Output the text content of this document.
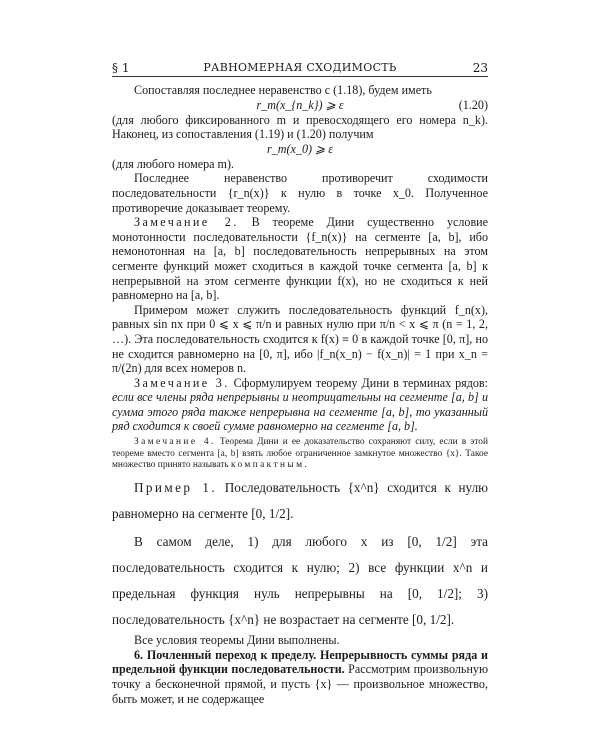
§ 1	РАВНОМЕРНАЯ СХОДИМОСТЬ	23

Сопоставляя последнее неравенство с (1.18), будем иметь

r_m(x_{n_k}) ⩾ ε	(1.20)

(для любого фиксированного m и превосходящего его номера n_k). Наконец, из сопоставления (1.19) и (1.20) получим

r_m(x_0) ⩾ ε

(для любого номера m).

Последнее неравенство противоречит сходимости последовательности {r_n(x)} к нулю в точке x_0. Полученное противоречие доказывает теорему.

Замечание 2. В теореме Дини существенно условие монотонности последовательности {f_n(x)} на сегменте [a, b], ибо немонотонная на [a, b] последовательность непрерывных на этом сегменте функций может сходиться в каждой точке сегмента [a, b] к непрерывной на этом сегменте функции f(x), но не сходиться к ней равномерно на [a, b].

Примером может служить последовательность функций f_n(x), равных sin nx при 0 ⩽ x ⩽ π/n и равных нулю при π/n < x ⩽ π (n = 1, 2, …). Эта последовательность сходится к f(x) ≡ 0 в каждой точке [0, π], но не сходится равномерно на [0, π], ибо |f_n(x_n) − f(x_n)| = 1 при x_n = π/(2n) для всех номеров n.

Замечание 3. Сформулируем теорему Дини в терминах рядов: если все члены ряда непрерывны и неотрицательны на сегменте [a, b] и сумма этого ряда также непрерывна на сегменте [a, b], то указанный ряд сходится к своей сумме равномерно на сегменте [a, b].

Замечание 4. Теорема Дини и ее доказательство сохраняют силу, если в этой теореме вместо сегмента [a, b] взять любое ограниченное замкнутое множество {x}. Такое множество принято называть компактным.

Пример 1. Последовательность {x^n} сходится к нулю равномерно на сегменте [0, 1/2].

В самом деле, 1) для любого x из [0, 1/2] эта последовательность сходится к нулю; 2) все функции x^n и предельная функция нуль непрерывны на [0, 1/2]; 3) последовательность {x^n} не возрастает на сегменте [0, 1/2].

Все условия теоремы Дини выполнены.

6. Почленный переход к пределу. Непрерывность суммы ряда и предельной функции последовательности. Рассмотрим произвольную точку a бесконечной прямой, и пусть {x} — произвольное множество, быть может, и не содержащее
